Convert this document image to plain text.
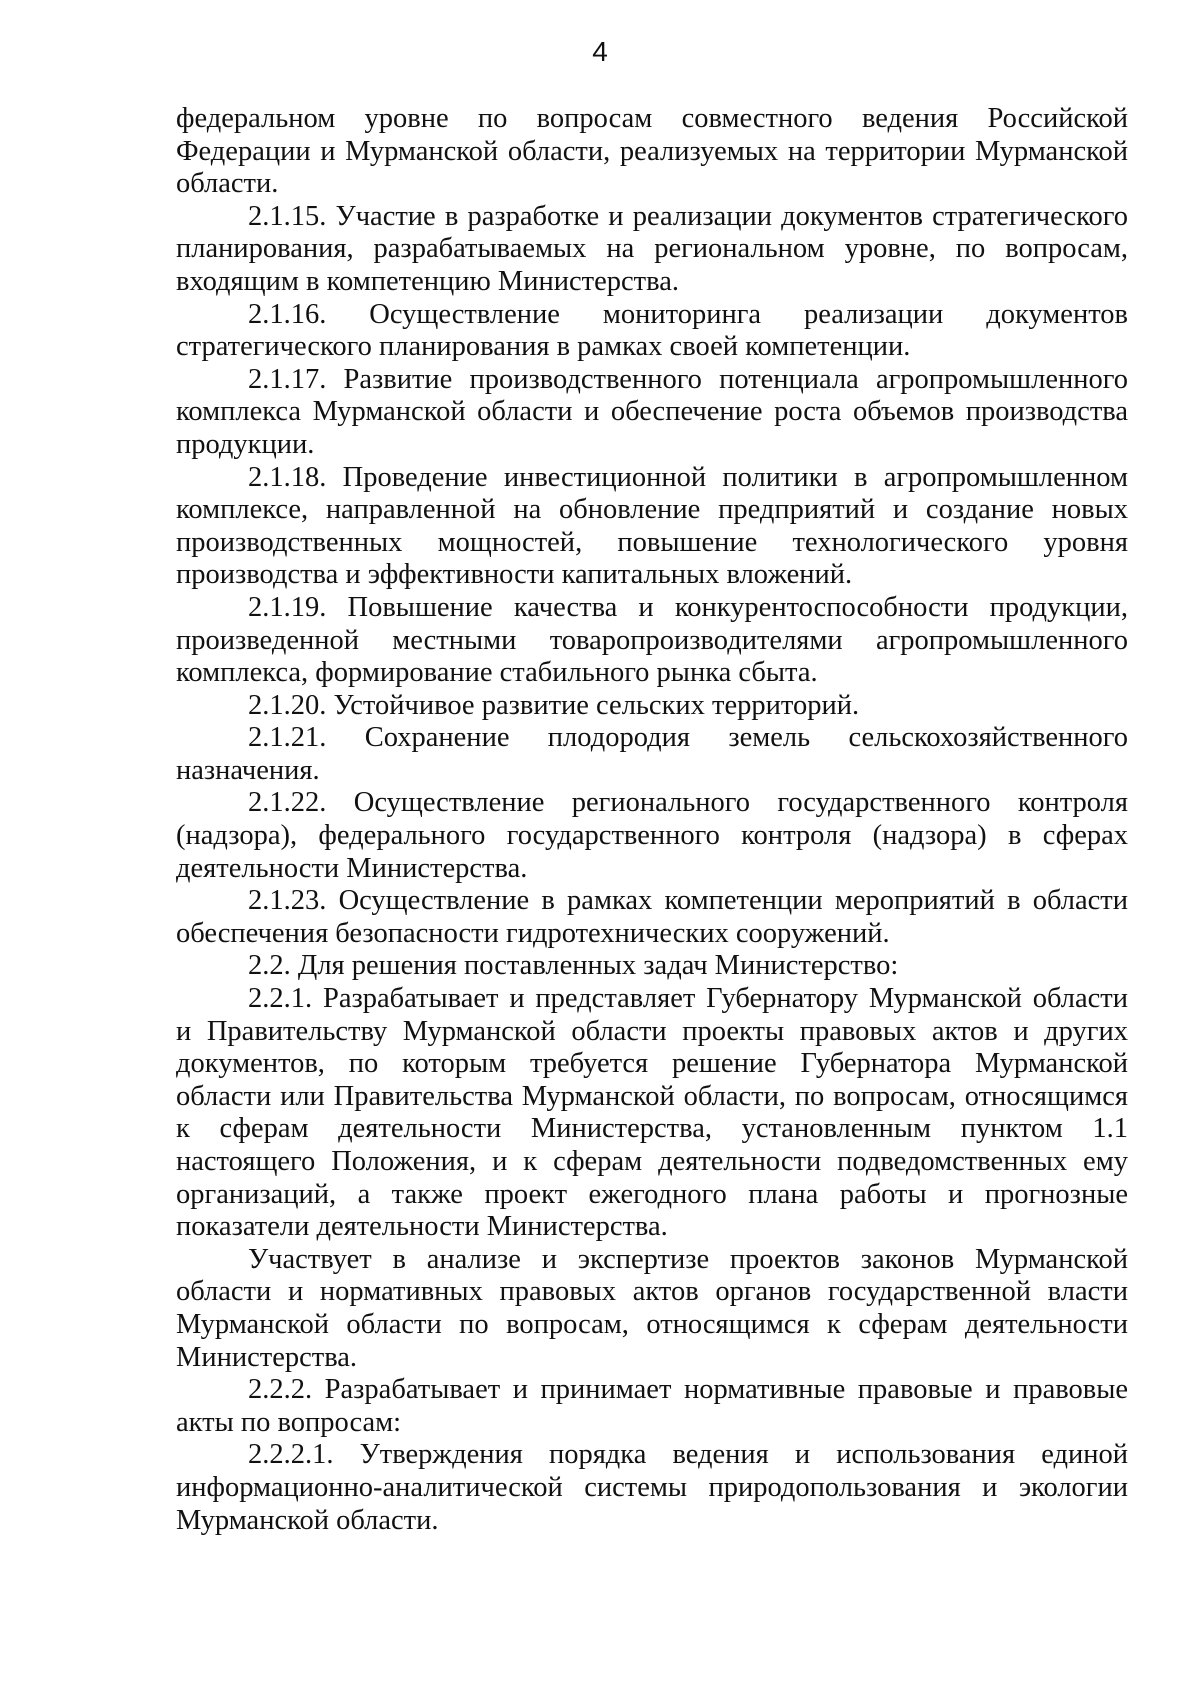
4

федеральном уровне по вопросам совместного ведения Российской Федерации и Мурманской области, реализуемых на территории Мурманской области.

2.1.15. Участие в разработке и реализации документов стратегического планирования, разрабатываемых на региональном уровне, по вопросам, входящим в компетенцию Министерства.

2.1.16. Осуществление мониторинга реализации документов стратегического планирования в рамках своей компетенции.

2.1.17. Развитие производственного потенциала агропромышленного комплекса Мурманской области и обеспечение роста объемов производства продукции.

2.1.18. Проведение инвестиционной политики в агропромышленном комплексе, направленной на обновление предприятий и создание новых производственных мощностей, повышение технологического уровня производства и эффективности капитальных вложений.

2.1.19. Повышение качества и конкурентоспособности продукции, произведенной местными товаропроизводителями агропромышленного комплекса, формирование стабильного рынка сбыта.

2.1.20. Устойчивое развитие сельских территорий.

2.1.21. Сохранение плодородия земель сельскохозяйственного назначения.

2.1.22. Осуществление регионального государственного контроля (надзора), федерального государственного контроля (надзора) в сферах деятельности Министерства.

2.1.23. Осуществление в рамках компетенции мероприятий в области обеспечения безопасности гидротехнических сооружений.

2.2. Для решения поставленных задач Министерство:

2.2.1. Разрабатывает и представляет Губернатору Мурманской области и Правительству Мурманской области проекты правовых актов и других документов, по которым требуется решение Губернатора Мурманской области или Правительства Мурманской области, по вопросам, относящимся к сферам деятельности Министерства, установленным пунктом 1.1 настоящего Положения, и к сферам деятельности подведомственных ему организаций, а также проект ежегодного плана работы и прогнозные показатели деятельности Министерства.

Участвует в анализе и экспертизе проектов законов Мурманской области и нормативных правовых актов органов государственной власти Мурманской области по вопросам, относящимся к сферам деятельности Министерства.

2.2.2. Разрабатывает и принимает нормативные правовые и правовые акты по вопросам:

2.2.2.1. Утверждения порядка ведения и использования единой информационно-аналитической системы природопользования и экологии Мурманской области.
